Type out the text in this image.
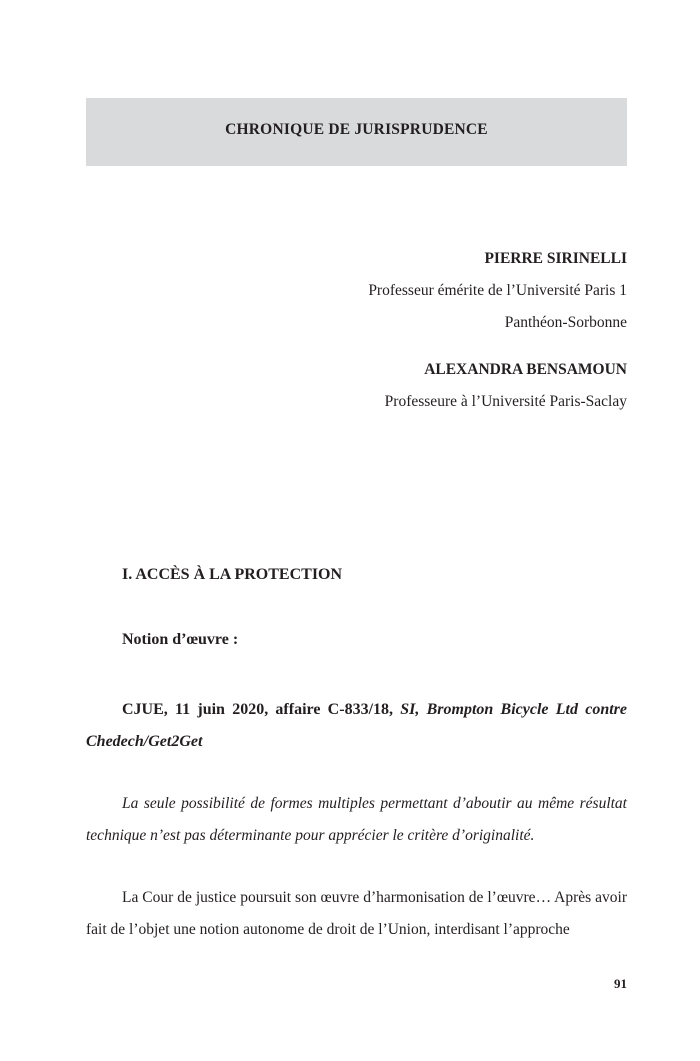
CHRONIQUE DE JURISPRUDENCE
PIERRE SIRINELLI
Professeur émérite de l’Université Paris 1
Panthéon-Sorbonne
ALEXANDRA BENSAMOUN
Professeure à l’Université Paris-Saclay
I. ACCÈS À LA PROTECTION
Notion d’œuvre :
CJUE, 11 juin 2020, affaire C-833/18, SI, Brompton Bicycle Ltd contre Chedech/Get2Get
La seule possibilité de formes multiples permettant d’aboutir au même résultat technique n’est pas déterminante pour apprécier le critère d’originalité.
La Cour de justice poursuit son œuvre d’harmonisation de l’œuvre… Après avoir fait de l’objet une notion autonome de droit de l’Union, interdisant l’approche
91
